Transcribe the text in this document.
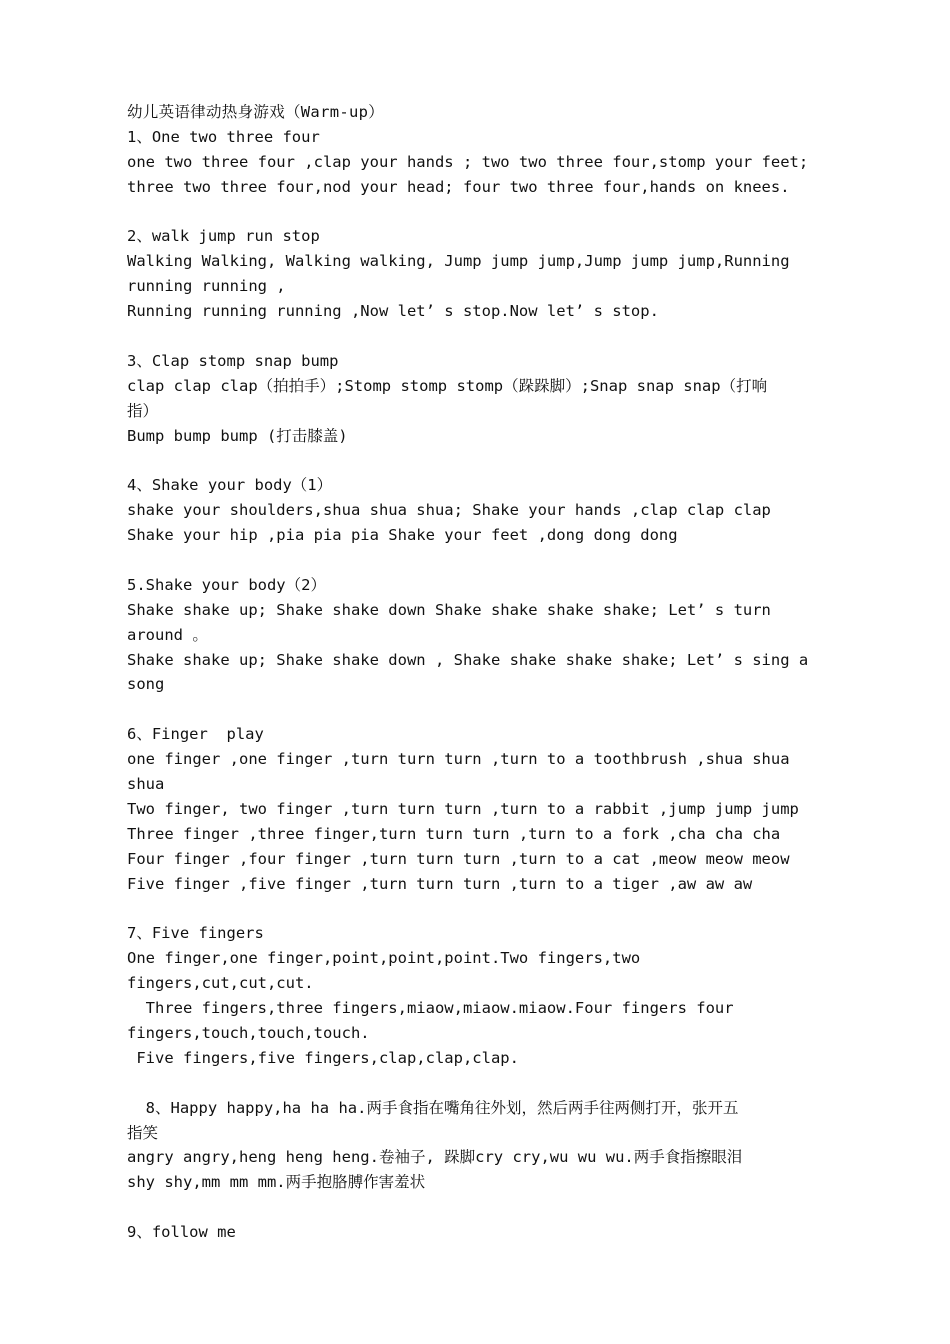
幼儿英语律动热身游戏（Warm-up）
1、One two three four
one two three four ,clap your hands ; two two three four,stomp your feet;
three two three four,nod your head; four two three four,hands on knees.
2、walk jump run stop
Walking Walking, Walking walking, Jump jump jump,Jump jump jump,Running
running running ,
Running running running ,Now let’ s stop.Now let’ s stop.
3、Clap stomp snap bump
clap clap clap（拍拍手）;Stomp stomp stomp（跺跺脚）;Snap snap snap（打响
指）
Bump bump bump (打击膝盖)
4、Shake your body（1）
shake your shoulders,shua shua shua; Shake your hands ,clap clap clap
Shake your hip ,pia pia pia Shake your feet ,dong dong dong
5.Shake your body（2）
Shake shake up; Shake shake down Shake shake shake shake; Let’ s turn
around 。
Shake shake up; Shake shake down , Shake shake shake shake; Let’ s sing a
song
6、Finger  play
one finger ,one finger ,turn turn turn ,turn to a toothbrush ,shua shua
shua
Two finger, two finger ,turn turn turn ,turn to a rabbit ,jump jump jump
Three finger ,three finger,turn turn turn ,turn to a fork ,cha cha cha
Four finger ,four finger ,turn turn turn ,turn to a cat ,meow meow meow
Five finger ,five finger ,turn turn turn ,turn to a tiger ,aw aw aw
7、Five fingers
One finger,one finger,point,point,point.Two fingers,two
fingers,cut,cut,cut.
Three fingers,three fingers,miaow,miaow.miaow.Four fingers four
fingers,touch,touch,touch.
Five fingers,five fingers,clap,clap,clap.
8、Happy happy,ha ha ha.两手食指在嘴角往外划，然后两手往两侧打开，张开五
指笑
angry angry,heng heng heng.卷袖子, 跺脚cry cry,wu wu wu.两手食指擦眼泪
shy shy,mm mm mm.两手抱胳膊作害羞状
9、follow me
